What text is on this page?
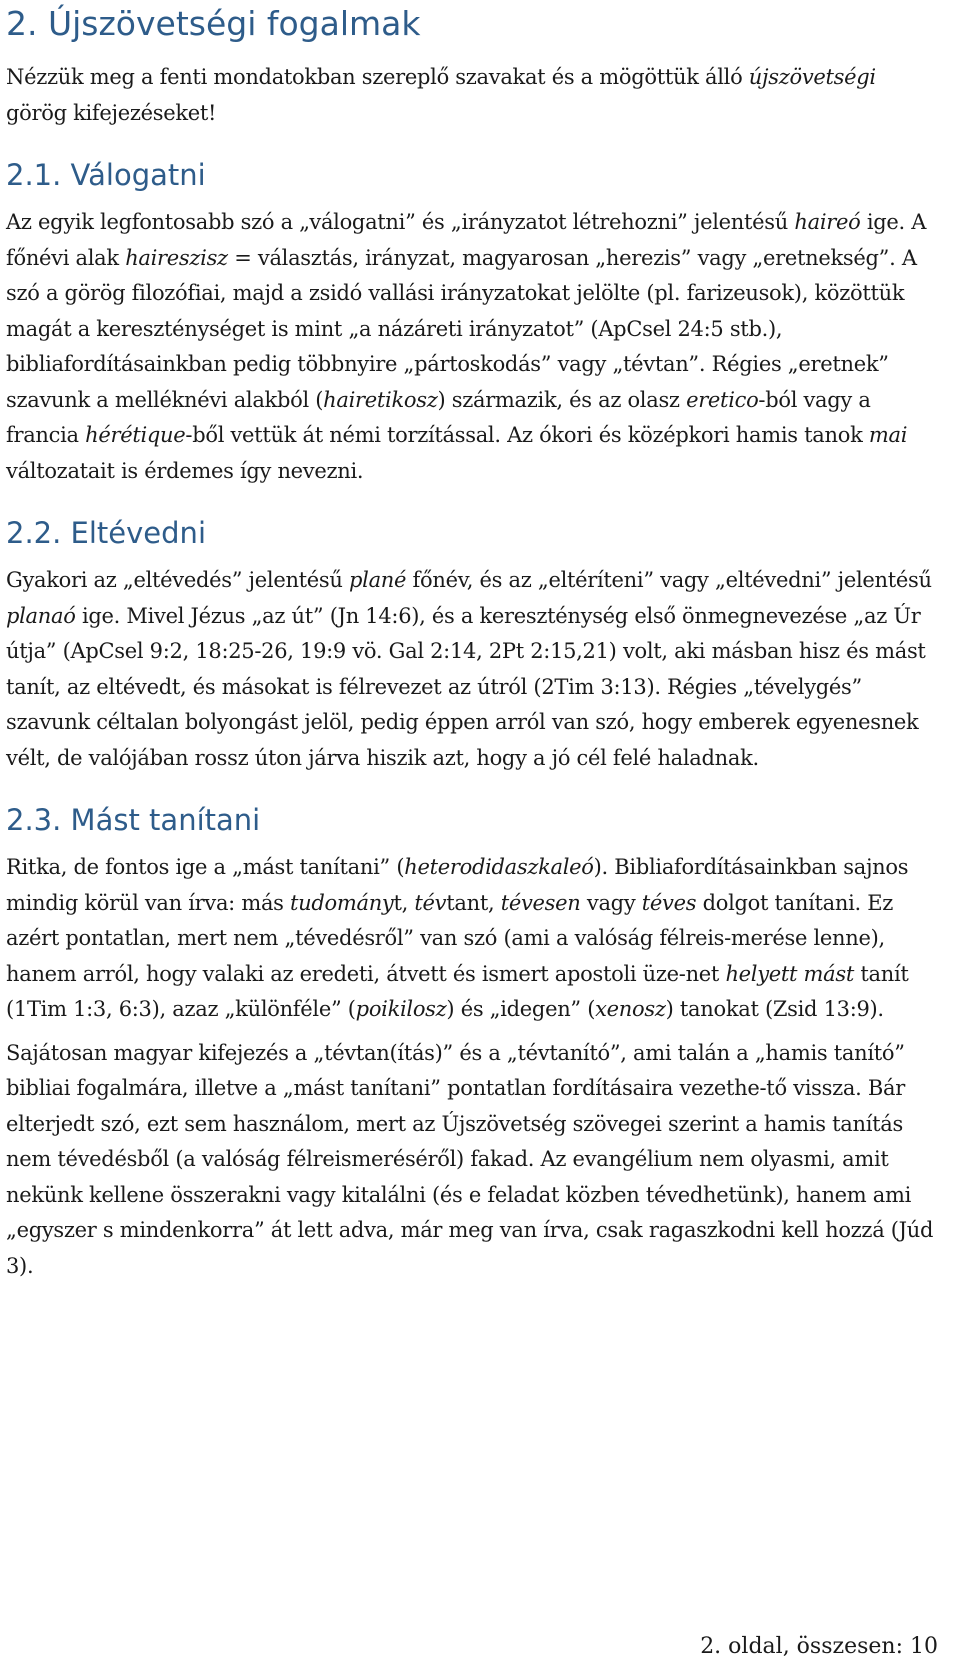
2. Újszövetségi fogalmak

Nézzük meg a fenti mondatokban szereplő szavakat és a mögöttük álló újszövetségi görög kifejezéseket!

2.1. Válogatni

Az egyik legfontosabb szó a „válogatni” és „irányzatot létrehozni” jelentésű haireó ige. A főnévi alak haireszisz = választás, irányzat, magyarosan „herezis” vagy „eretnekség”. A szó a görög filozófiai, majd a zsidó vallási irányzatokat jelölte (pl. farizeusok), közöttük magát a kereszténységet is mint „a názáreti irányzatot” (ApCsel 24:5 stb.), bibliafordításainkban pedig többnyire „pártoskodás” vagy „tévtan”. Régies „eretnek” szavunk a melléknévi alakból (hairetikosz) származik, és az olasz eretico-ból vagy a francia hérétique-ből vettük át némi torzítással. Az ókori és középkori hamis tanok mai változatait is érdemes így nevezni.

2.2. Eltévedni

Gyakori az „eltévedés” jelentésű plané főnév, és az „eltéríteni” vagy „eltévedni” jelentésű planaó ige. Mivel Jézus „az út” (Jn 14:6), és a kereszténység első önmegnevezése „az Úr útja” (ApCsel 9:2, 18:25-26, 19:9 vö. Gal 2:14, 2Pt 2:15,21) volt, aki másban hisz és mást tanít, az eltévedt, és másokat is félrevezet az útról (2Tim 3:13). Régies „tévelygés” szavunk céltalan bolyongást jelöl, pedig éppen arról van szó, hogy emberek egyenesnek vélt, de valójában rossz úton járva hiszik azt, hogy a jó cél felé haladnak.

2.3. Mást tanítani

Ritka, de fontos ige a „mást tanítani” (heterodidaszkaleó). Bibliafordításainkban sajnos mindig körül van írva: más tudományt, tévtant, tévesen vagy téves dolgot tanítani. Ez azért pontatlan, mert nem „tévedésről” van szó (ami a valóság félreis-merése lenne), hanem arról, hogy valaki az eredeti, átvett és ismert apostoli üze-net helyett mást tanít (1Tim 1:3, 6:3), azaz „különféle” (poikilosz) és „idegen” (xenosz) tanokat (Zsid 13:9).

Sajátosan magyar kifejezés a „tévtan(ítás)” és a „tévtanító”, ami talán a „hamis tanító” bibliai fogalmára, illetve a „mást tanítani” pontatlan fordításaira vezethe-tő vissza. Bár elterjedt szó, ezt sem használom, mert az Újszövetség szövegei szerint a hamis tanítás nem tévedésből (a valóság félreismeréséről) fakad. Az evangélium nem olyasmi, amit nekünk kellene összerakni vagy kitalálni (és e feladat közben tévedhetünk), hanem ami „egyszer s mindenkorra” át lett adva, már meg van írva, csak ragaszkodni kell hozzá (Júd 3).

2. oldal, összesen: 10
